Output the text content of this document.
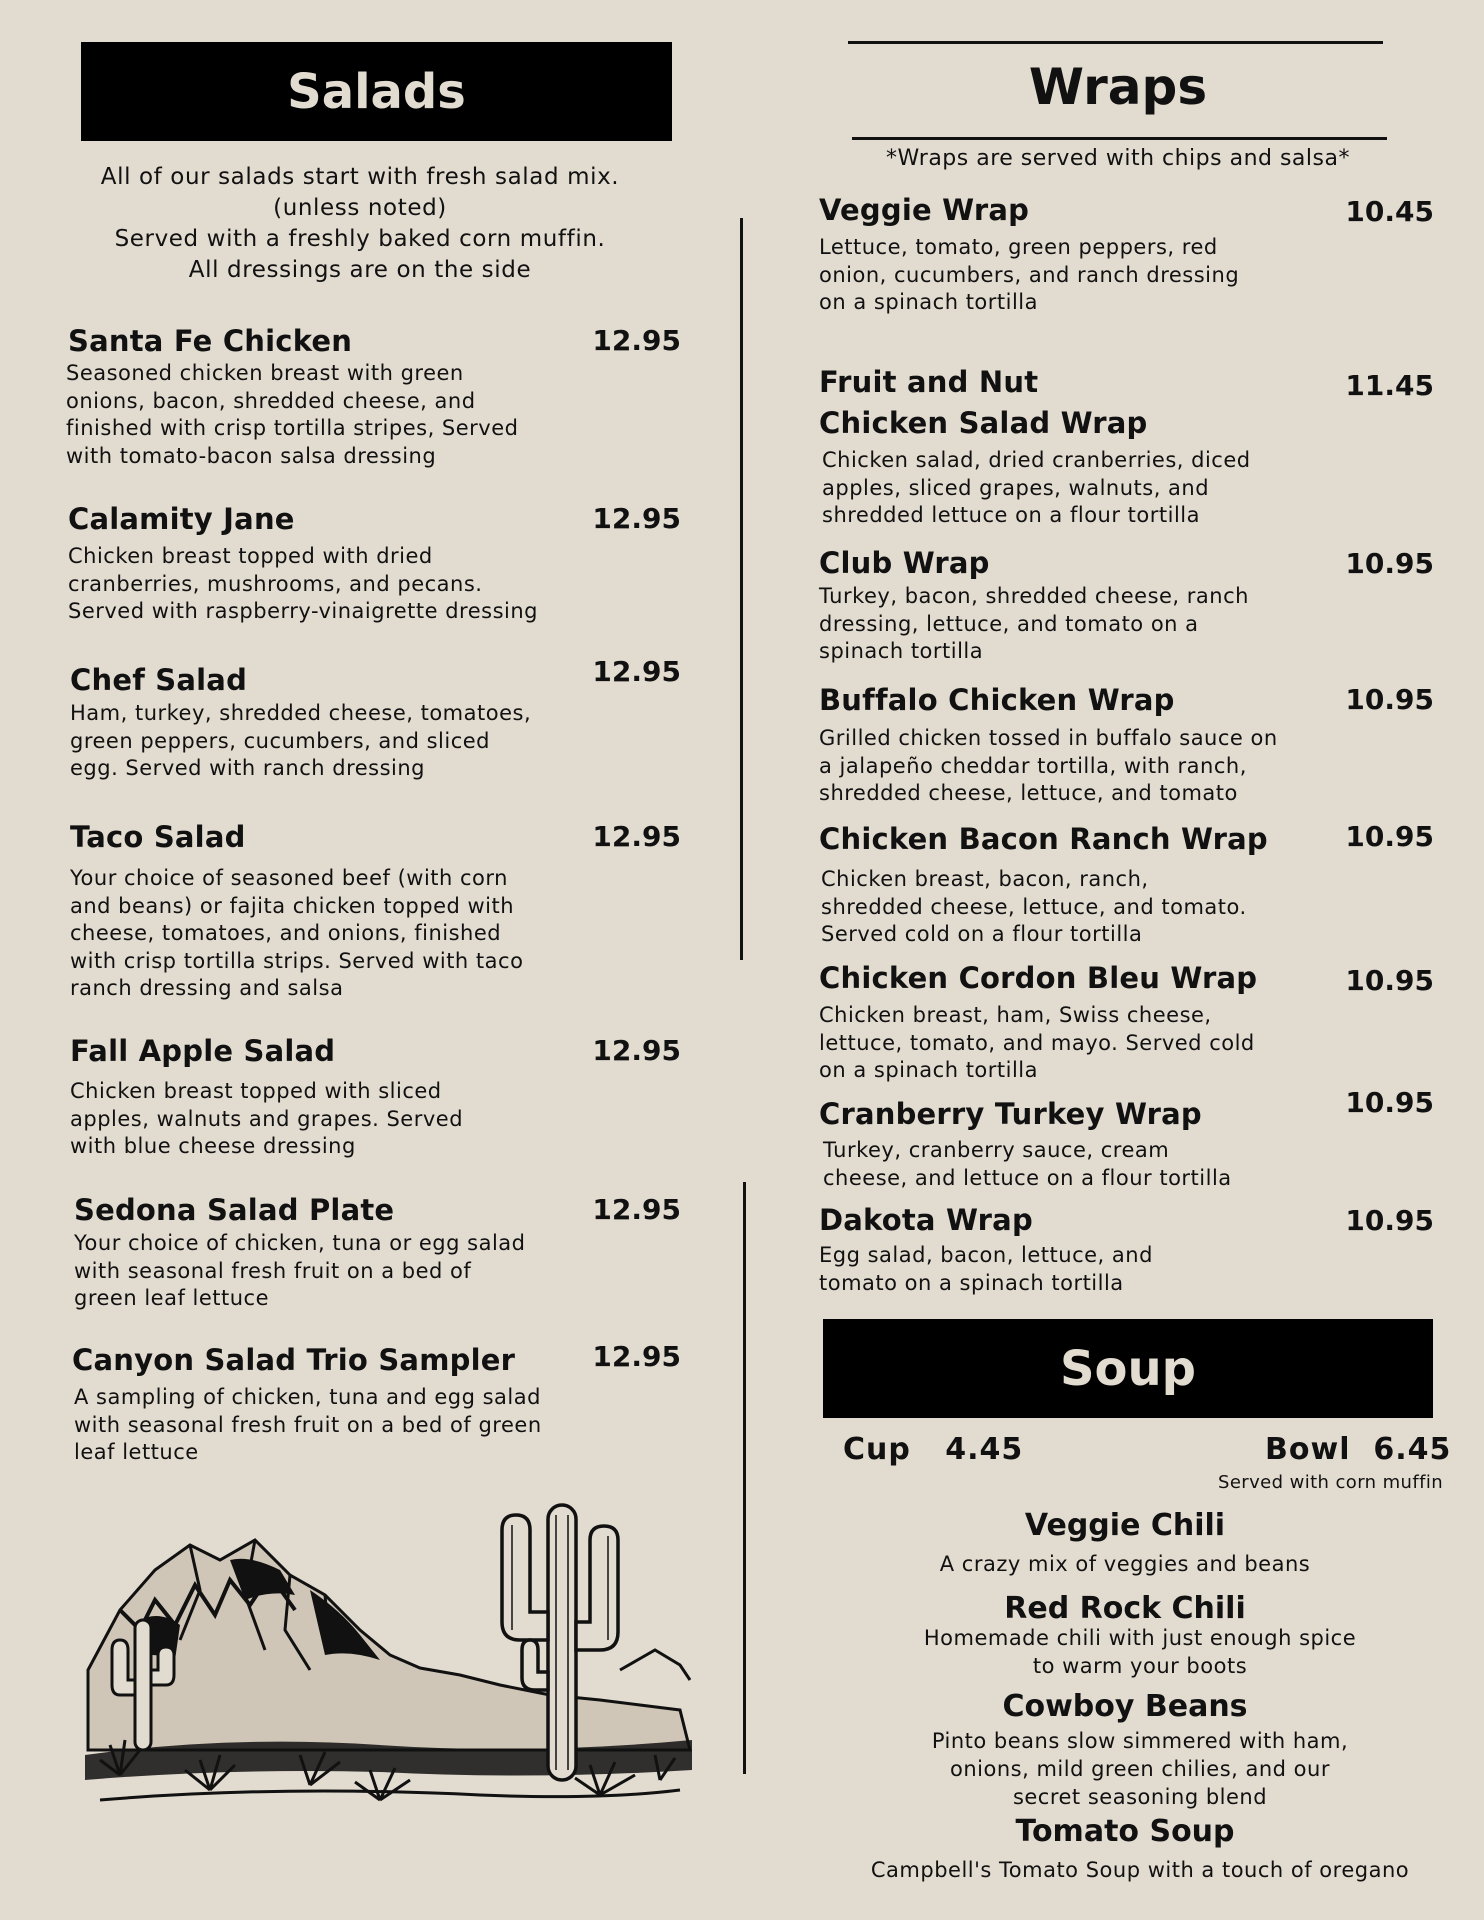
Salads
All of our salads start with fresh salad mix.
(unless noted)
Served with a freshly baked corn muffin.
All dressings are on the side
Santa Fe Chicken	12.95
Seasoned chicken breast with green
onions, bacon, shredded cheese, and
finished with crisp tortilla stripes, Served
with tomato-bacon salsa dressing
Calamity Jane	12.95
Chicken breast topped with dried
cranberries, mushrooms, and pecans.
Served with raspberry-vinaigrette dressing
Chef Salad	12.95
Ham, turkey, shredded cheese, tomatoes,
green peppers, cucumbers, and sliced
egg. Served with ranch dressing
Taco Salad	12.95
Your choice of seasoned beef (with corn
and beans) or fajita chicken topped with
cheese, tomatoes, and onions, finished
with crisp tortilla strips. Served with taco
ranch dressing and salsa
Fall Apple Salad	12.95
Chicken breast topped with sliced
apples, walnuts and grapes. Served
with blue cheese dressing
Sedona Salad Plate	12.95
Your choice of chicken, tuna or egg salad
with seasonal fresh fruit on a bed of
green leaf lettuce
Canyon Salad Trio Sampler	12.95
A sampling of chicken, tuna and egg salad
with seasonal fresh fruit on a bed of green
leaf lettuce
Wraps
*Wraps are served with chips and salsa*
Veggie Wrap	10.45
Lettuce, tomato, green peppers, red
onion, cucumbers, and ranch dressing
on a spinach tortilla
Fruit and Nut
Chicken Salad Wrap
11.45
Chicken salad, dried cranberries, diced
apples, sliced grapes, walnuts, and
shredded lettuce on a flour tortilla
Club Wrap	10.95
Turkey, bacon, shredded cheese, ranch
dressing, lettuce, and tomato on a
spinach tortilla
Buffalo Chicken Wrap	10.95
Grilled chicken tossed in buffalo sauce on
a jalapeño cheddar tortilla, with ranch,
shredded cheese, lettuce, and tomato
Chicken Bacon Ranch Wrap	10.95
Chicken breast, bacon, ranch,
shredded cheese, lettuce, and tomato.
Served cold on a flour tortilla
Chicken Cordon Bleu Wrap	10.95
Chicken breast, ham, Swiss cheese,
lettuce, tomato, and mayo. Served cold
on a spinach tortilla
Cranberry Turkey Wrap	10.95
Turkey, cranberry sauce, cream
cheese, and lettuce on a flour tortilla
Dakota Wrap	10.95
Egg salad, bacon, lettuce, and
tomato on a spinach tortilla
Soup
Cup 4.45	Bowl 6.45
Served with corn muffin
Veggie Chili
A crazy mix of veggies and beans
Red Rock Chili
Homemade chili with just enough spice
to warm your boots
Cowboy Beans
Pinto beans slow simmered with ham,
onions, mild green chilies, and our
secret seasoning blend
Tomato Soup
Campbell's Tomato Soup with a touch of oregano
